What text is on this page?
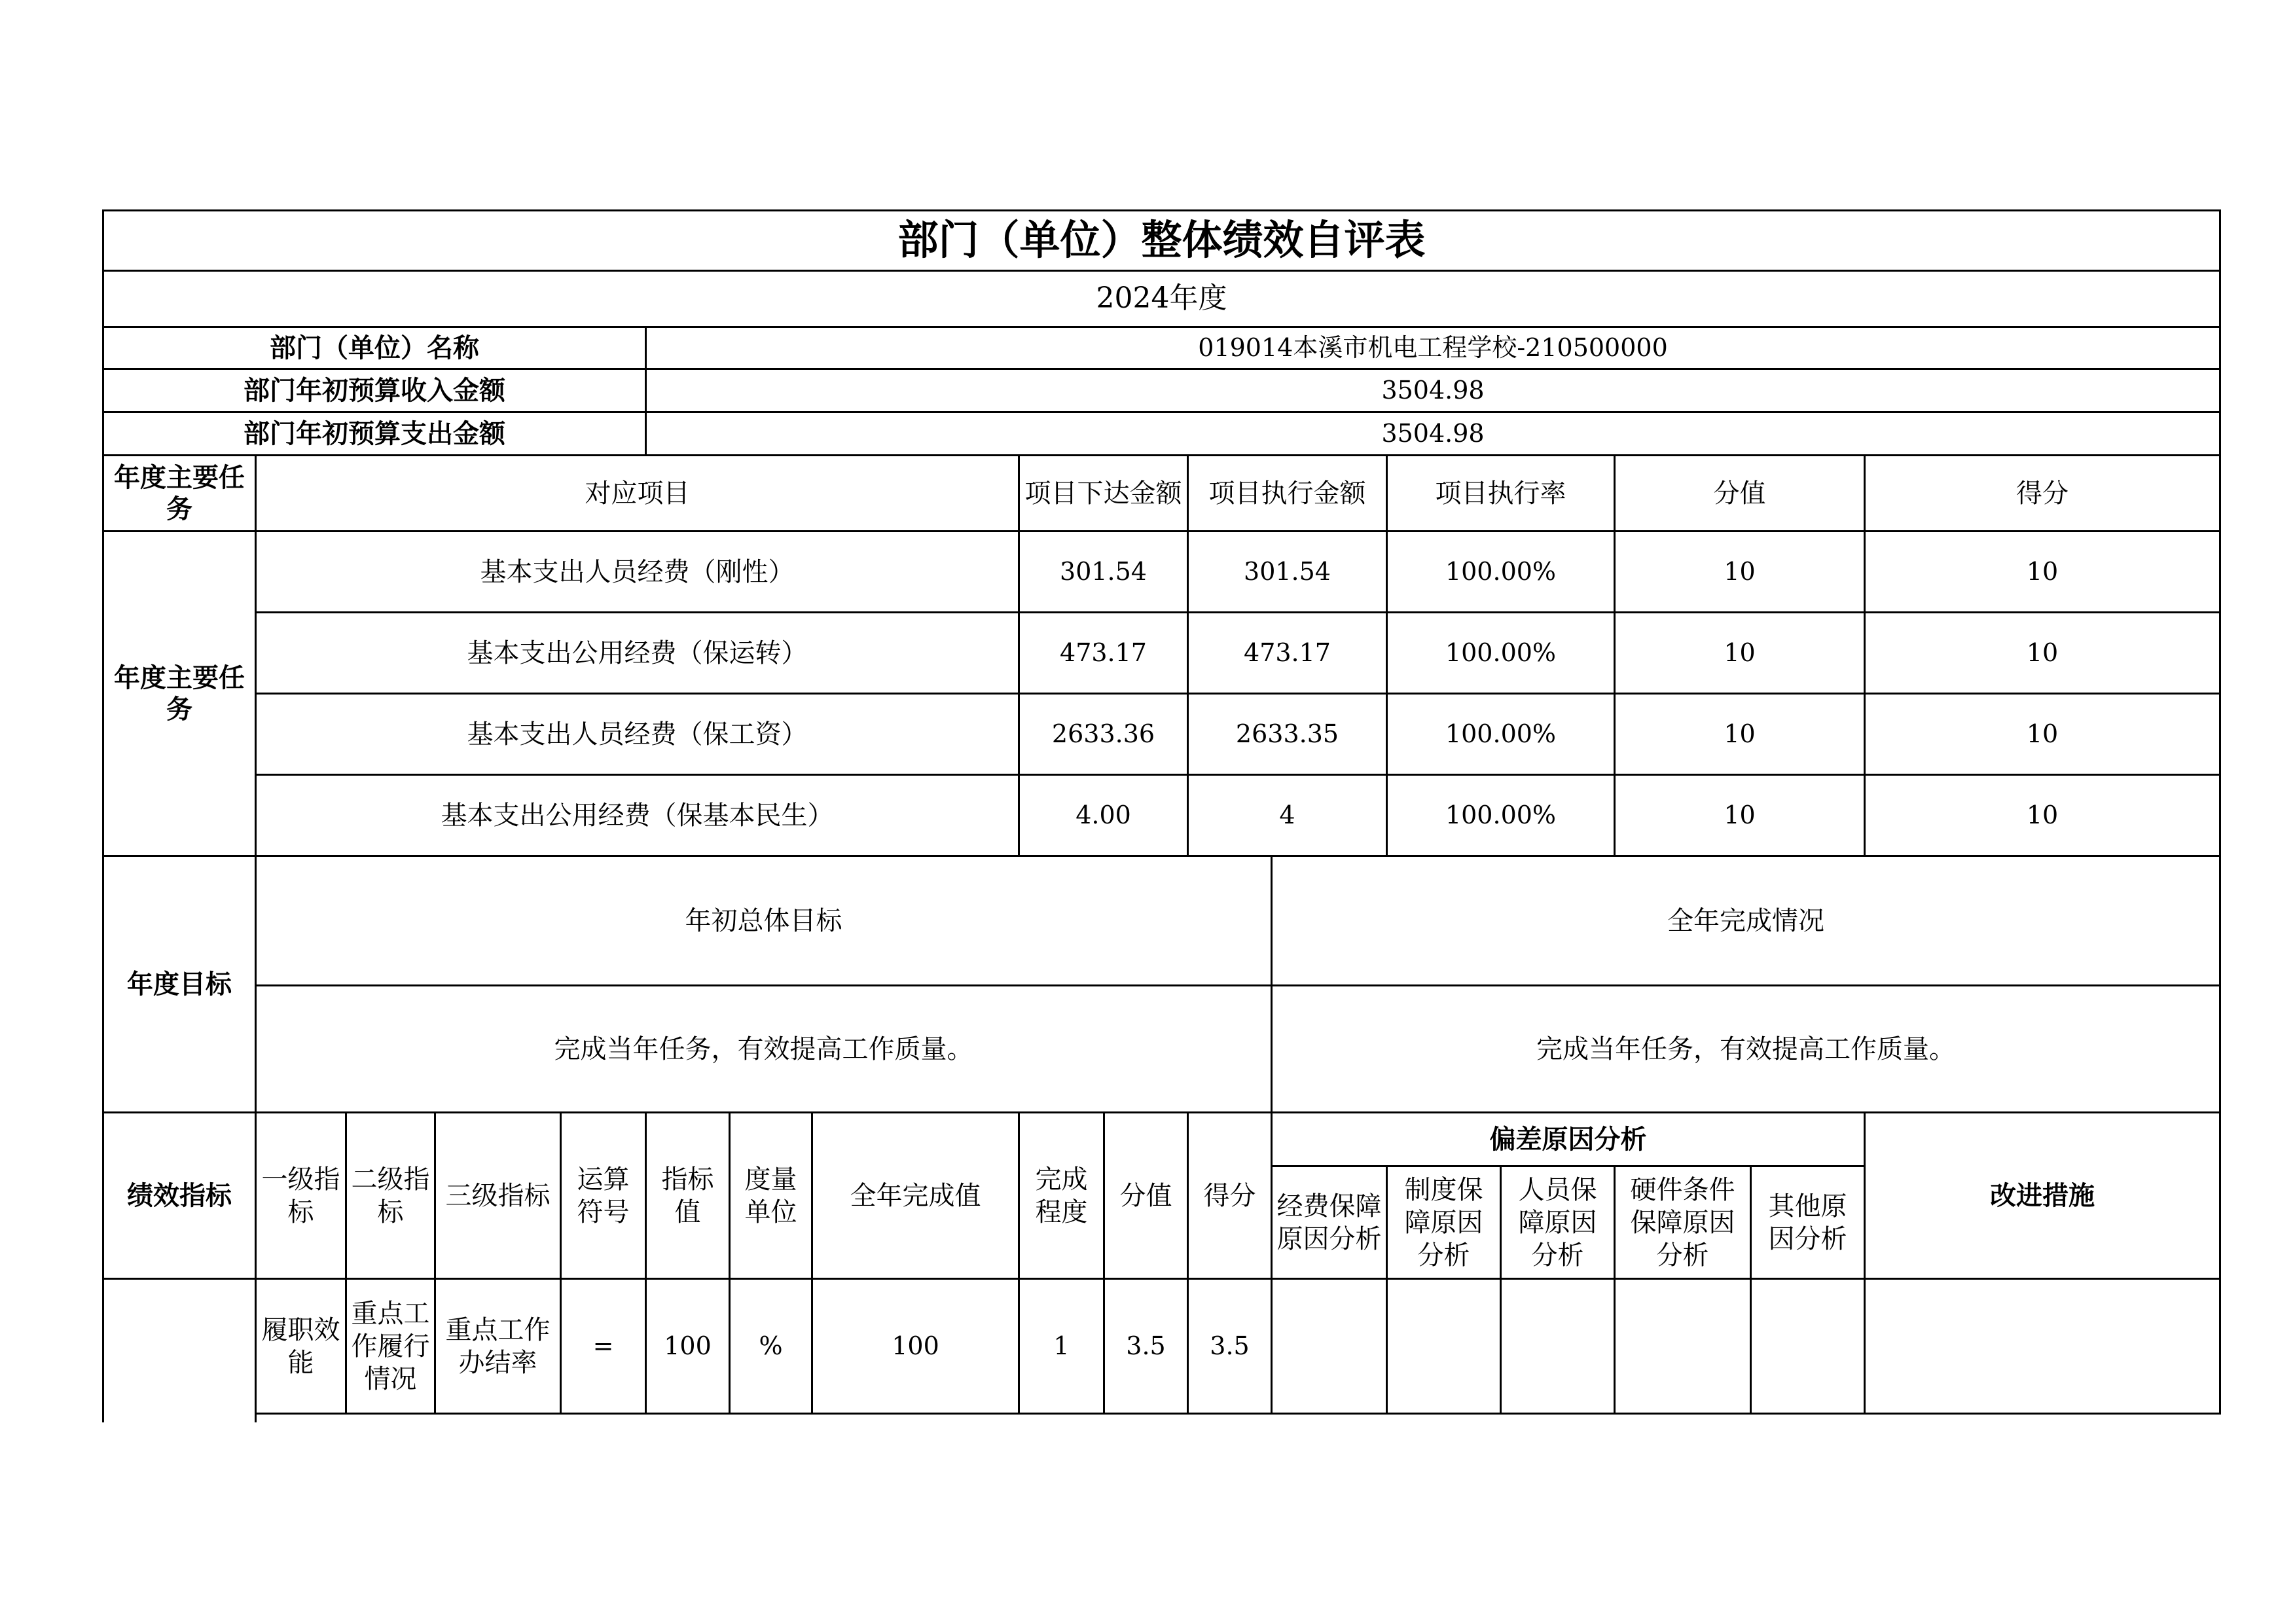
部门（单位）整体绩效自评表																
2024年度																
部门（单位）名称					019014本溪市机电工程学校-210500000											
部门年初预算收入金额					3504.98											
部门年初预算支出金额					3504.98											
年度主要任务	对应项目							项目下达金额		项目执行金额		项目执行率		分值		得分
年度主要任务	基本支出人员经费（刚性）							301.54		301.54		100.00%		10		10
	基本支出公用经费（保运转）							473.17		473.17		100.00%		10		10
	基本支出人员经费（保工资）							2633.36		2633.35		100.00%		10		10
	基本支出公用经费（保基本民生）							4.00		4		100.00%		10		10
年度目标	年初总体目标										全年完成情况					
	完成当年任务，有效提高工作质量。										完成当年任务，有效提高工作质量。					
绩效指标	一级指标	二级指标	三级指标	运算符号	指标值	度量单位	全年完成值	完成程度	分值	得分	偏差原因分析					改进措施
											经费保障原因分析	制度保障原因分析	人员保障原因分析	硬件条件保障原因分析	其他原因分析	
	履职效能	重点工作履行情况	重点工作办结率	=	100	%	100	1	3.5	3.5						
